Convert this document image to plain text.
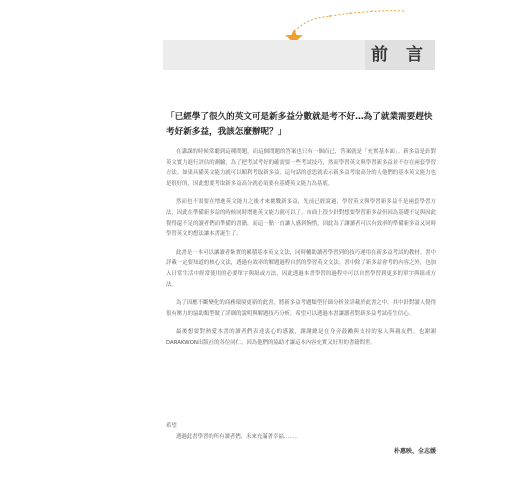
前 言
「已經學了很久的英文可是新多益分數就是考不好…為了就業需要趕快考好新多益，我該怎麼辦呢？」

在講課的時候常聽到這種問題，而這個問題的答案也只有一個而已，答案就是「充實基本面」。新多益是針對英文實力進行評估的測驗，為了把考試考好的確需要一些考試技巧，然而學習英文與學習新多益並不存在兩套學習方法。如果具備英文能力就可以順利考取新多益，這句話的意思就表示新多益考取高分的人他們的基本英文能力也是很好的，因此想要考取新多益高分就必須要有基礎英文能力為基底。

然而也不需要在增進英文能力之後才來挑戰新多益，先前已經說過，學習英文與學習新多益不是兩套學習方法，因此在準備新多益的時候同時增進英文能力就可以了。市面上很少針對想要學習新多益但因為基礎不足與因此覺得還不足的讀者們而準備的書籍，而這一點一直讓人感到惋惜，因此為了讓讀者可以有效率的準備新多益又同時學習英文的想法讓本書誕生了。

此書是一本可以讓讀者紮實的累積基本英文文法，同時輔助讀者學習到的技巧運用在新多益考試的教材。書中詳載一定要知道的核心文法，透過有效率的解題過程自然的學習英文文法。書中除了新多益會考的內容之外，也加入日常生活中經常使用的必要單字與組或方法，因此透過本書學習的過程中可以自然學習到更多的單字與組成方法。

為了因應不斷變化的商務環境更新的此書，將新多益考題類型仔細分析並詳載於此書之中。其中針對讀人覺得很有壓力的協助類型做了詳細的說明與解題技巧分析，希望可以透過本書讓讀者對新多益考試產生信心。

最後想要對熱愛本書的讀者們表達衷心的感激，謝謝總是在身旁鼓勵與支持的家人與親友們。也謝謝DARAKWON出版社的各位同仁。因為他們的協助才讓這本內容充實又好用的書籍問世。

希望
透過此書學習的所有讀者們，未來充滿著幸福……。
朴惠映、全志媛
